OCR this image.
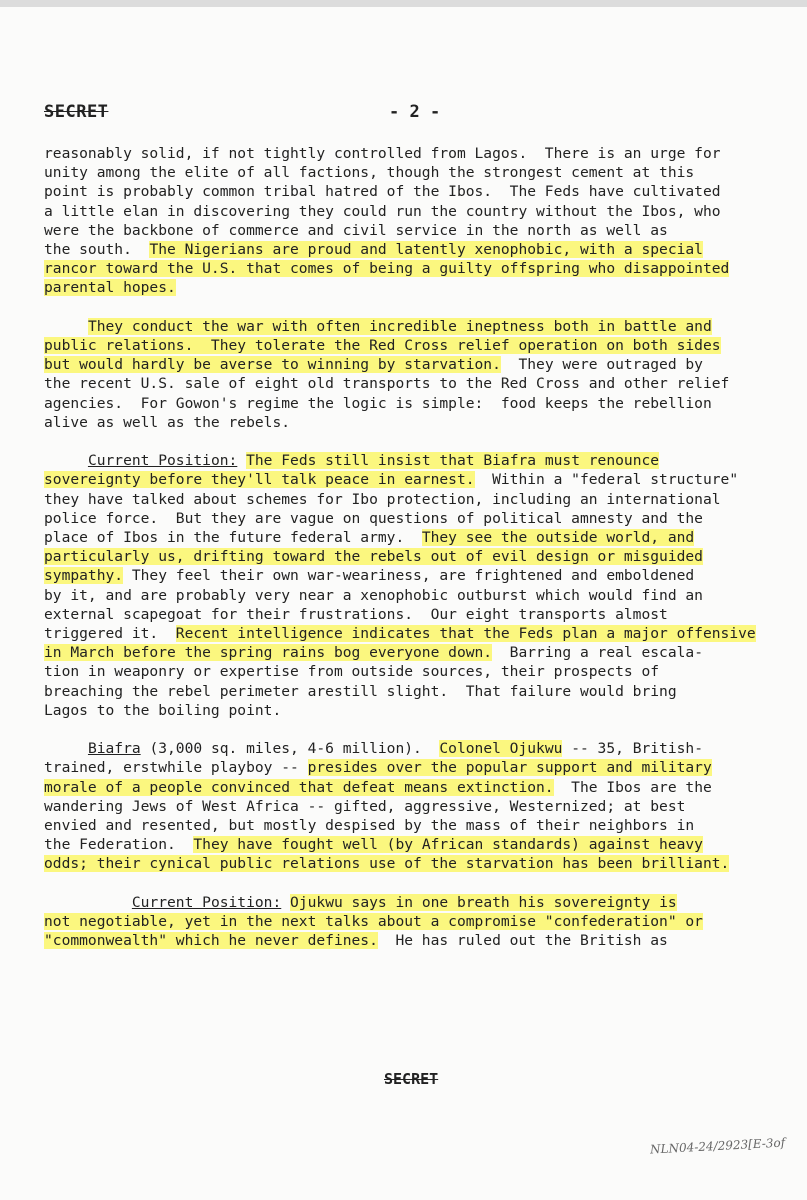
SECRET	- 2 -
reasonably solid, if not tightly controlled from Lagos.  There is an urge for
unity among the elite of all factions, though the strongest cement at this
point is probably common tribal hatred of the Ibos.  The Feds have cultivated
a little elan in discovering they could run the country without the Ibos, who
were the backbone of commerce and civil service in the north as well as
the south.  The Nigerians are proud and latently xenophobic, with a special
rancor toward the U.S. that comes of being a guilty offspring who disappointed
parental hopes.
They conduct the war with often incredible ineptness both in battle and
public relations.  They tolerate the Red Cross relief operation on both sides
but would hardly be averse to winning by starvation.  They were outraged by
the recent U.S. sale of eight old transports to the Red Cross and other relief
agencies.  For Gowon's regime the logic is simple:  food keeps the rebellion
alive as well as the rebels.
Current Position: The Feds still insist that Biafra must renounce
sovereignty before they'll talk peace in earnest.  Within a "federal structure"
they have talked about schemes for Ibo protection, including an international
police force.  But they are vague on questions of political amnesty and the
place of Ibos in the future federal army.  They see the outside world, and
particularly us, drifting toward the rebels out of evil design or misguided
sympathy. They feel their own war-weariness, are frightened and emboldened
by it, and are probably very near a xenophobic outburst which would find an
external scapegoat for their frustrations.  Our eight transports almost
triggered it.  Recent intelligence indicates that the Feds plan a major offensive
in March before the spring rains bog everyone down.  Barring a real escala-
tion in weaponry or expertise from outside sources, their prospects of
breaching the rebel perimeter arestill slight.  That failure would bring
Lagos to the boiling point.
Biafra (3,000 sq. miles, 4-6 million).  Colonel Ojukwu -- 35, British-
trained, erstwhile playboy -- presides over the popular support and military
morale of a people convinced that defeat means extinction.  The Ibos are the
wandering Jews of West Africa -- gifted, aggressive, Westernized; at best
envied and resented, but mostly despised by the mass of their neighbors in
the Federation.  They have fought well (by African standards) against heavy
odds; their cynical public relations use of the starvation has been brilliant.
Current Position: Ojukwu says in one breath his sovereignty is
not negotiable, yet in the next talks about a compromise "confederation" or
"commonwealth" which he never defines.  He has ruled out the British as
SECRET
NLN04-24/2923[E-3of
